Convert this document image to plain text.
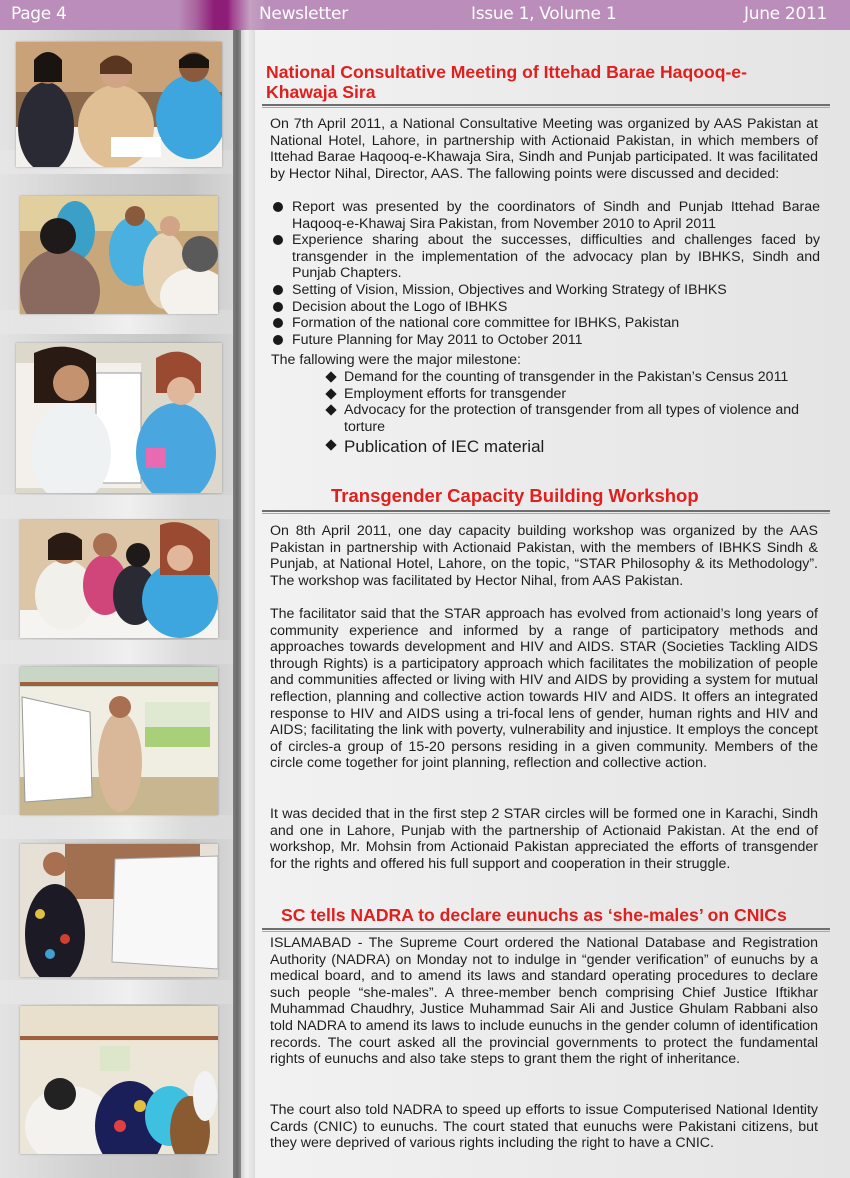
Page 4	Newsletter	Issue 1, Volume 1	June 2011
National Consultative Meeting of Ittehad Barae Haqooq-e-
Khawaja Sira
On 7th April 2011, a National Consultative Meeting was organized by AAS Pakistan at National Hotel, Lahore, in partnership with Actionaid Pakistan, in which members of Ittehad Barae Haqooq-e-Khawaja Sira, Sindh and Punjab participated. It was facilitated by Hector Nihal, Director, AAS. The fallowing points were discussed and decided:
Report was presented by the coordinators of Sindh and Punjab Ittehad Barae Haqooq-e-Khawaj Sira Pakistan, from November 2010 to April 2011
Experience sharing about the successes, difficulties and challenges faced by transgender in the implementation of the advocacy plan by IBHKS, Sindh and Punjab Chapters.
Setting of Vision, Mission, Objectives and Working Strategy of IBHKS
Decision about the Logo of IBHKS
Formation of the national core committee for IBHKS, Pakistan
Future Planning for May 2011 to October 2011
The fallowing were the major milestone:
Demand for the counting of transgender in the Pakistan’s Census 2011
Employment efforts for transgender
Advocacy for the protection of transgender from all types of violence and torture
Publication of IEC material
Transgender Capacity Building Workshop
On 8th April 2011, one day capacity building workshop was organized by the AAS Pakistan in partnership with Actionaid Pakistan, with the members of IBHKS Sindh & Punjab, at National Hotel, Lahore, on the topic, “STAR Philosophy & its Methodology”. The workshop was facilitated by Hector Nihal, from AAS Pakistan.
The facilitator said that the STAR approach has evolved from actionaid’s long years of community experience and informed by a range of participatory methods and approaches towards development and HIV and AIDS. STAR (Societies Tackling AIDS through Rights) is a participatory approach which facilitates the mobilization of people and communities affected or living with HIV and AIDS by providing a system for mutual reflection, planning and collective action towards HIV and AIDS. It offers an integrated response to HIV and AIDS using a tri-focal lens of gender, human rights and HIV and AIDS; facilitating the link with poverty, vulnerability and injustice. It employs the concept of circles-a group of 15-20 persons residing in a given community. Members of the circle come together for joint planning, reflection and collective action.
It was decided that in the first step 2 STAR circles will be formed one in Karachi, Sindh and one in Lahore, Punjab with the partnership of Actionaid Pakistan. At the end of workshop, Mr. Mohsin from Actionaid Pakistan appreciated the efforts of transgender for the rights and offered his full support and cooperation in their struggle.
SC tells NADRA to declare eunuchs as ‘she-males’ on CNICs
ISLAMABAD - The Supreme Court ordered the National Database and Registration Authority (NADRA) on Monday not to indulge in “gender verification” of eunuchs by a medical board, and to amend its laws and standard operating procedures to declare such people “she-males”. A three-member bench comprising Chief Justice Iftikhar Muhammad Chaudhry, Justice Muhammad Sair Ali and Justice Ghulam Rabbani also told NADRA to amend its laws to include eunuchs in the gender column of identification records. The court asked all the provincial governments to protect the fundamental rights of eunuchs and also take steps to grant them the right of inheritance.
The court also told NADRA to speed up efforts to issue Computerised National Identity Cards (CNIC) to eunuchs. The court stated that eunuchs were Pakistani citizens, but they were deprived of various rights including the right to have a CNIC.
